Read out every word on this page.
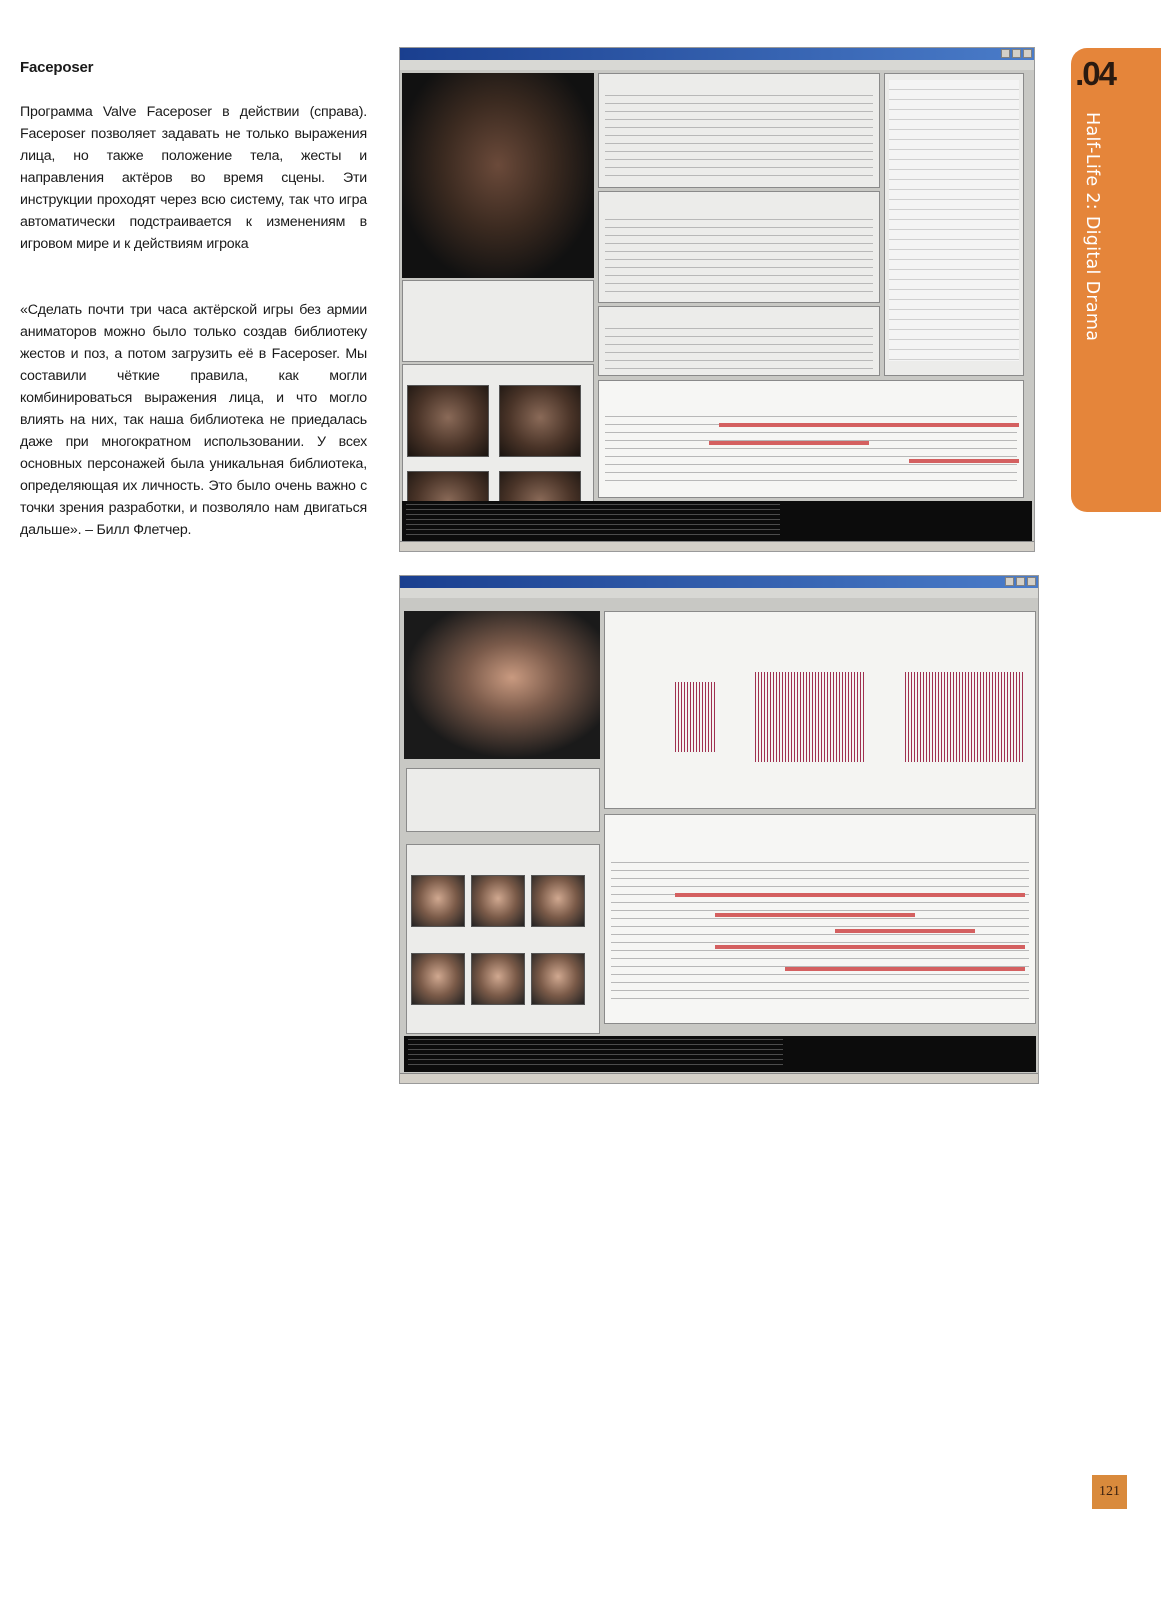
Faceposer

Программа Valve Faceposer в действии (справа). Faceposer позволяет задавать не только выражения лица, но также положение тела, жесты и направления актёров во время сцены. Эти инструкции проходят через всю систему, так что игра автоматически подстраивается к изменениям в игровом мире и к действиям игрока

«Сделать почти три часа актёрской игры без армии аниматоров можно было только создав библиотеку жестов и поз, а потом загрузить её в Faceposer. Мы составили чёткие правила, как могли комбинироваться выражения лица, и что могло влиять на них, так наша библиотека не приедалась даже при многократном использовании. У всех основных персонажей была уникальная библиотека, определяющая их личность. Это было очень важно с точки зрения разработки, и позволяло нам двигаться дальше». – Билл Флетчер.

.04
Half-Life 2: Digital Drama
121
